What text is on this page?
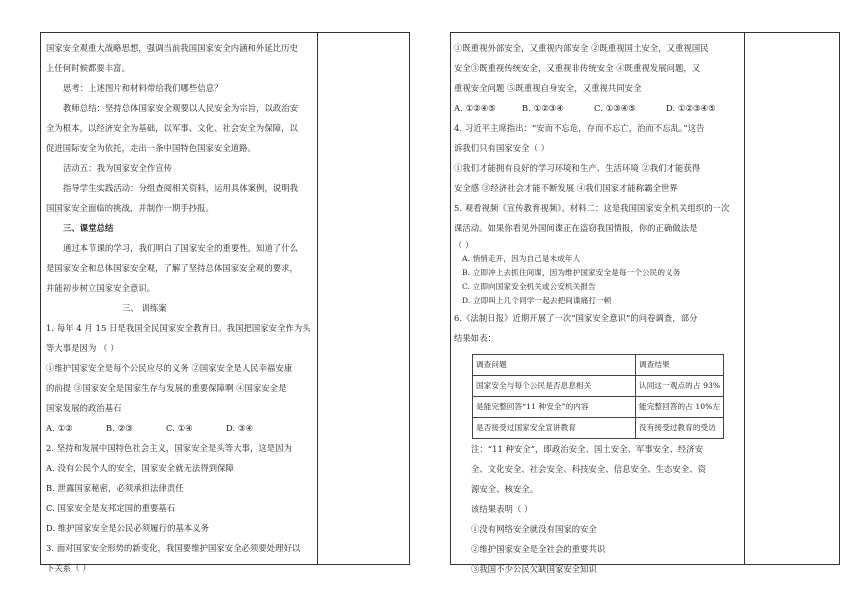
国家安全观重大战略思想，强调当前我国国家安全内涵和外延比历史

上任何时候都要丰富。

思考：上述图片和材料带给我们哪些信息？

教师总结：坚持总体国家安全观要以人民安全为宗旨，以政治安

全为根本，以经济安全为基础，以军事、文化、社会安全为保障，以

促进国际安全为依托，走出一条中国特色国家安全道路。

活动五：我为国家安全作宣传

指导学生实践活动：分组查阅相关资料，运用具体案例，说明我

国国家安全面临的挑战，并制作一期手抄报。

三、课堂总结

通过本节课的学习，我们明白了国家安全的重要性，知道了什么

是国家安全和总体国家安全观，了解了坚持总体国家安全观的要求，

并能初步树立国家安全意识。

三、 训练案

1. 每年 4 月 15 日是我国全民国家安全教育日。我国把国家安全作为头

等大事是因为 （ ）

①维护国家安全是每个公民应尽的义务 ②国家安全是人民幸福安康

的前提 ③国家安全是国家生存与发展的重要保障啊 ④国家安全是

国家发展的政治基石

A. ①②	B. ②③	C. ①④	D. ③④

2. 坚持和发展中国特色社会主义，国家安全是头等大事，这是因为

A. 没有公民个人的安全，国家安全就无法得到保障

B. 泄露国家秘密，必须承担法律责任

C. 国家安全是友邦定国的重要基石

D. 维护国家安全是公民必须履行的基本义务

3. 面对国家安全形势的新变化，我国要维护国家安全必须要处理好以

下关系（ ）

①既重视外部安全，又重视内部安全 ②既重视国土安全，又重视国民

安全③既重视传统安全，又重视非传统安全 ④既重视发展问题，又

重视安全问题 ⑤既重视自身安全，又重视共同安全

A. ①②④⑤	B. ①②③④	C. ①③④⑤	D. ①②③④⑤

4. 习近平主席指出：“安而不忘危，存而不忘亡，治而不忘乱。”这告

诉我们只有国家安全（ ）

①我们才能拥有良好的学习环境和生产、生活环境 ②我们才能获得

安全感 ③经济社会才能不断发展 ④我们国家才能称霸全世界

5. 观看视频《宣传教育视频》。材料二：这是我国国家安全机关组织的一次

课活动。如果你看见外国间谍正在盗窃我国情报，你的正确做法是

（ ）

A. 悄悄走开，因为自己是未成年人

B. 立即冲上去抓住间谍，因为维护国家安全是每一个公民的义务

C. 立即向国家安全机关或公安机关报告

D. 立即叫上几个同学一起去把间谍痛打一顿

6.《法制日报》近期开展了一次“国家安全意识”的问卷调查，部分

结果如表：

调查问题	调查结果
国家安全与每个公民是否息息相关	认同这一观点的占 93%
是能完整回答“11 种安全”的内容	能完整回答的占 10%左
是否接受过国家安全宣讲教育	没有接受过教育的受访

注：“11 种安全”，即政治安全、国土安全、军事安全、经济安

全、文化安全、社会安全、科技安全、信息安全、生态安全、资

源安全、核安全。

该结果表明（ ）

①没有网络安全就没有国家的安全

②维护国家安全是全社会的重要共识

③我国不少公民欠缺国家安全知识
